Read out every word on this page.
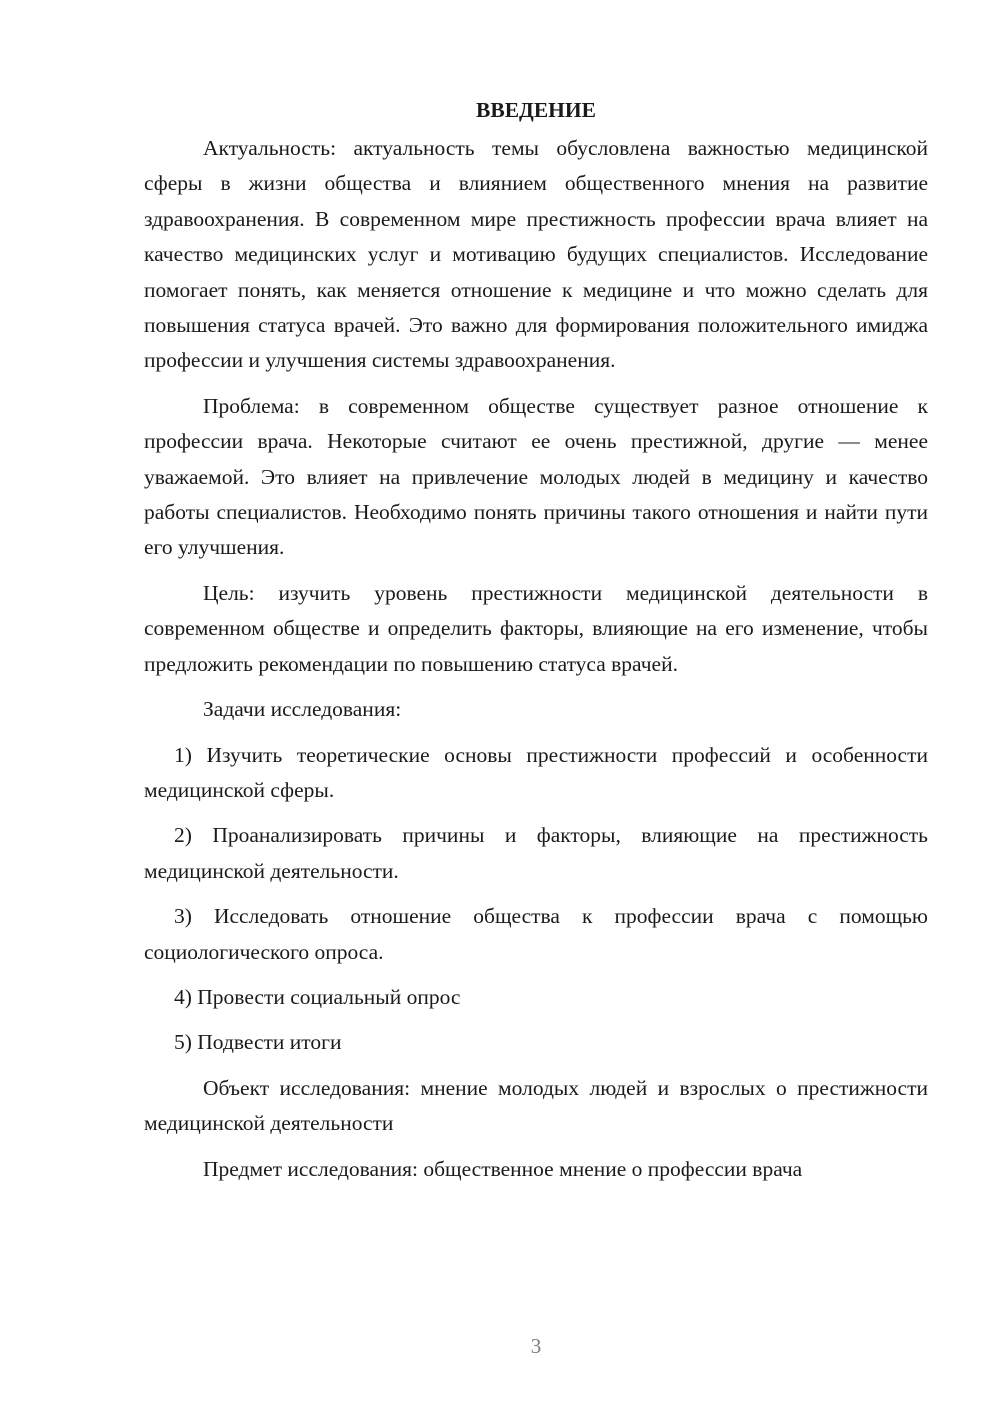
ВВЕДЕНИЕ

Актуальность: актуальность темы обусловлена важностью медицинской сферы в жизни общества и влиянием общественного мнения на развитие здравоохранения. В современном мире престижность профессии врача влияет на качество медицинских услуг и мотивацию будущих специалистов. Исследование помогает понять, как меняется отношение к медицине и что можно сделать для повышения статуса врачей. Это важно для формирования положительного имиджа профессии и улучшения системы здравоохранения.

Проблема: в современном обществе существует разное отношение к профессии врача. Некоторые считают ее очень престижной, другие — менее уважаемой. Это влияет на привлечение молодых людей в медицину и качество работы специалистов. Необходимо понять причины такого отношения и найти пути его улучшения.

Цель: изучить уровень престижности медицинской деятельности в современном обществе и определить факторы, влияющие на его изменение, чтобы предложить рекомендации по повышению статуса врачей.

Задачи исследования:

1) Изучить теоретические основы престижности профессий и особенности медицинской сферы.

2) Проанализировать причины и факторы, влияющие на престижность медицинской деятельности.

3) Исследовать отношение общества к профессии врача с помощью социологического опроса.

4) Провести социальный опрос

5) Подвести итоги

Объект исследования: мнение молодых людей и взрослых о престижности медицинской деятельности

Предмет исследования: общественное мнение о профессии врача

3
